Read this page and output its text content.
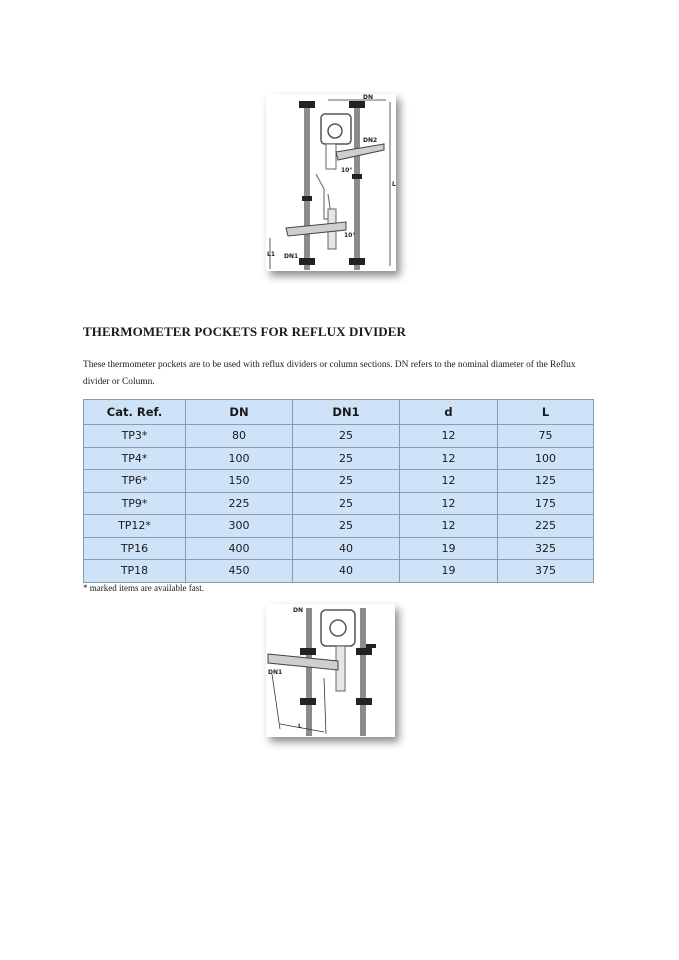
DN
L
DN2
10°
10°
L1 DN1
THERMOMETER POCKETS FOR REFLUX DIVIDER

These thermometer pockets are to be used with reflux dividers or column sections. DN refers to the nominal diameter of the Reflux divider or Column.

Cat. Ref.	DN	DN1	d	L
TP3*	80	25	12	75
TP4*	100	25	12	100
TP6*	150	25	12	125
TP9*	225	25	12	175
TP12*	300	25	12	225
TP16	400	40	19	325
TP18	450	40	19	375

* marked items are available fast.

DN
DN1
L
